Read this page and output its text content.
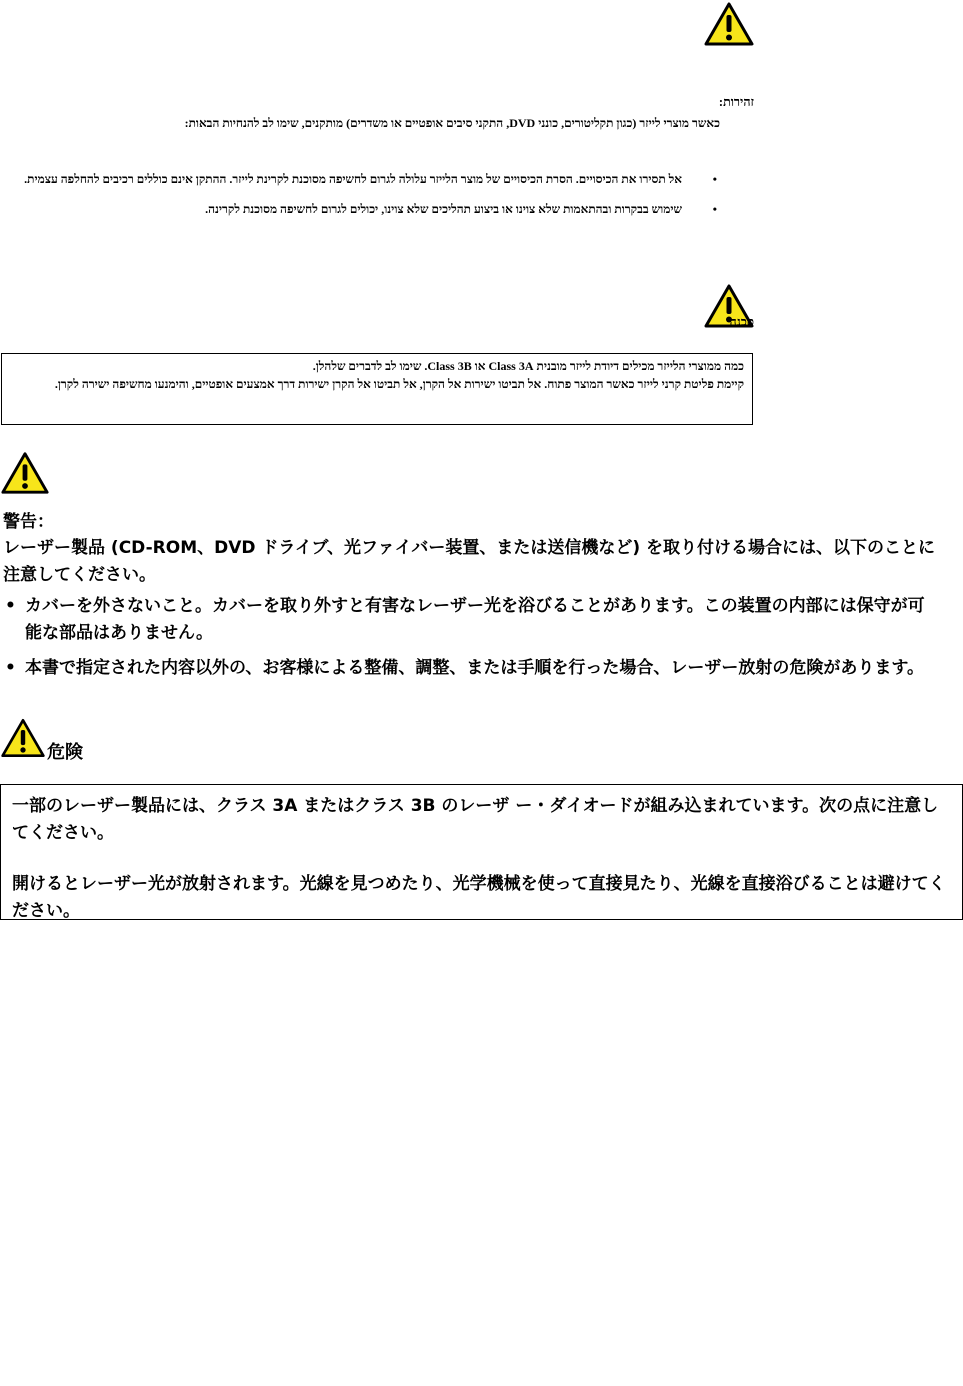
זהירות:
כאשר מוצרי לייזר (כגון תקליטורים, כונני DVD, התקני סיבים אופטיים או משדרים) מותקנים, שימו לב להנחיות הבאות:
•
אל תסירו את הכיסויים. הסרת הכיסויים של מוצר הלייזר עלולה לגרום לחשיפה מסוכנת לקרינת לייזר. ההתקן אינם כוללים רכיבים להחלפה עצמית.
•
שימוש בבקרות ובהתאמות שלא צוינו או ביצוע תהליכים שלא צוינו, יכולים לגרום לחשיפה מסוכנת לקרינה.
סכנה
כמה ממוצרי הלייזר מכילים דיודת לייזר מובנית Class 3A או Class 3B. שימו לב לדברים שלהלן.
קיימת פליטת קרני לייזר כאשר המוצר פתוח. אל תביטו ישירות אל הקרן, אל תביטו אל הקרן ישירות דרך אמצעים אופטיים, והימנעו מחשיפה ישירה לקרן.
警告：
レーザー製品 (CD-ROM、DVD ドライブ、光ファイバー装置、または送信機など) を取り付ける場合には、以下のことに注意してください。
• カバーを外さないこと。カバーを取り外すと有害なレーザー光を浴びることがあります。この装置の内部には保守が可能な部品はありません。
• 本書で指定された内容以外の、お客様による整備、調整、または手順を行った場合、レーザー放射の危険があります。
危険

一部のレーザー製品には、クラス 3A またはクラス 3B のレーザ ー・ダイオードが組み込まれています。次の点に注意してください。

開けるとレーザー光が放射されます。光線を見つめたり、光学機械を使って直接見たり、光線を直接浴びることは避けてください。
